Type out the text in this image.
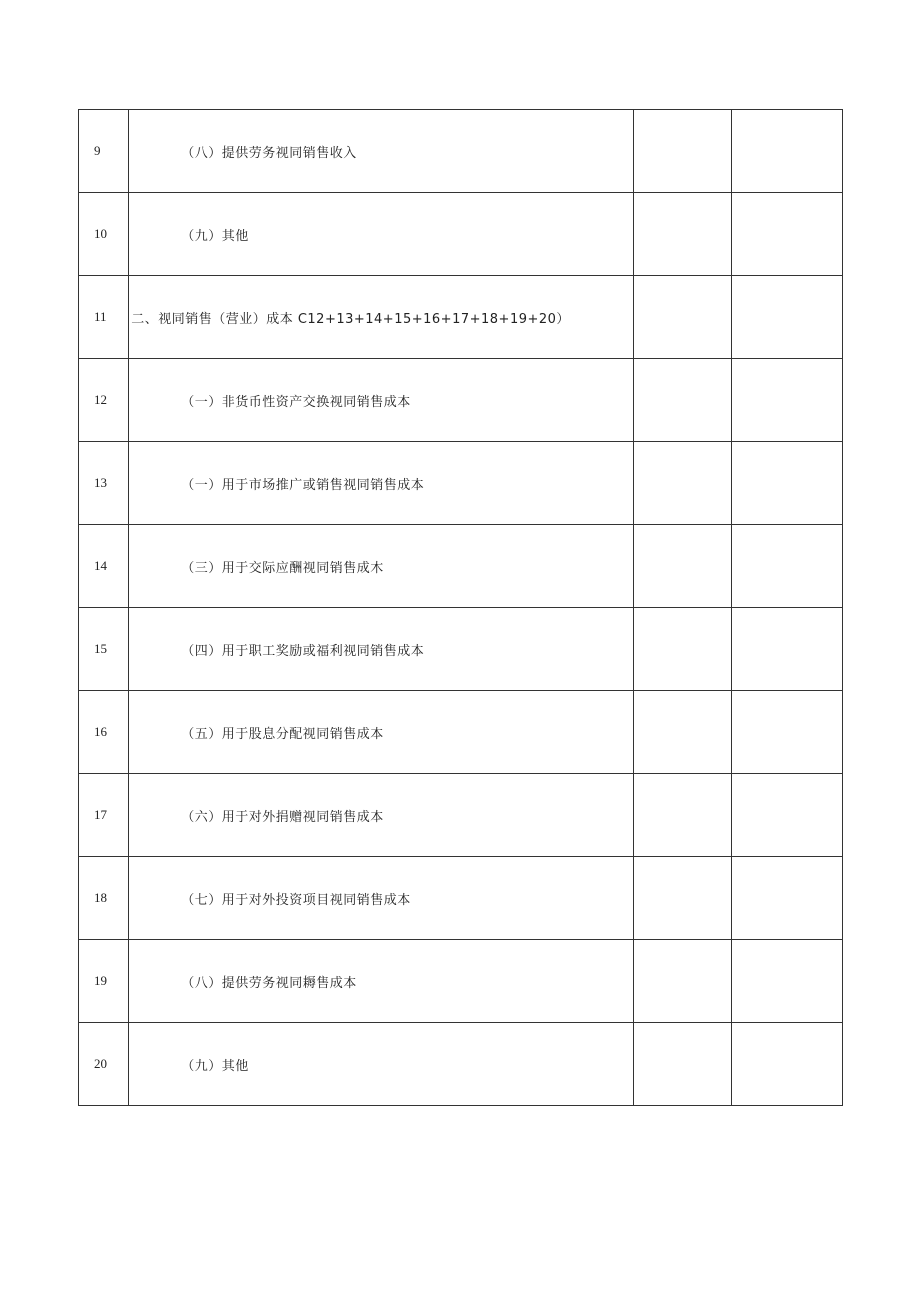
9	（八）提供劳务视同销售收入		
10	（九）其他		
11	二、视同销售（营业）成本 C12+13+14+15+16+17+18+19+20）		
12	（一）非货币性资产交换视同销售成本		
13	（一）用于市场推广或销售视同销售成本		
14	（三）用于交际应酬视同销售成木		
15	（四）用于职工奖励或福利视同销售成本		
16	（五）用于股息分配视同销售成本		
17	（六）用于对外捐赠视同销售成本		
18	（七）用于对外投资项目视同销售成本		
19	（八）提供劳务视同耨售成本		
20	（九）其他		
